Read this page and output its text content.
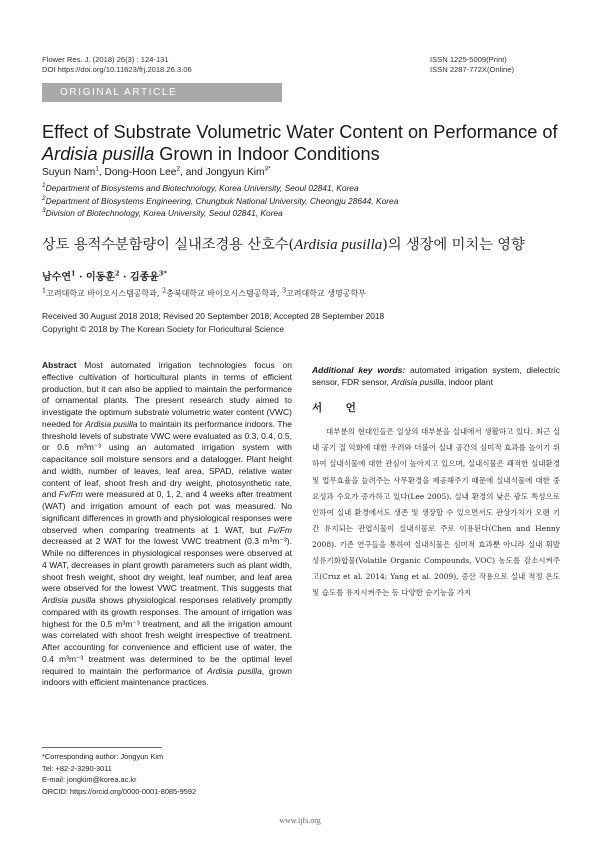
Flower Res. J. (2018) 26(3) : 124-131
DOI https://doi.org/10.11623/frj.2018.26.3.06
ISSN 1225-5009(Print)
ISSN 2287-772X(Online)
ORIGINAL ARTICLE
Effect of Substrate Volumetric Water Content on Performance of
Ardisia pusilla Grown in Indoor Conditions
Suyun Nam$^1$, Dong-Hoon Lee$^2$, and Jongyun Kim$^{3*}$
$^1$Department of Biosystems and Biotechnology, Korea University, Seoul 02841, Korea
$^2$Department of Biosystems Engineering, Chungbuk National University, Cheongju 28644, Korea
$^3$Division of Biotechnology, Korea University, Seoul 02841, Korea
상토 용적수분함량이 실내조경용 산호수(Ardisia pusilla)의 생장에 미치는 영향
남수연$^1$ · 이동훈$^2$ · 김종윤$^{3*}$
$^1$고려대학교 바이오시스템공학과, $^2$충북대학교 바이오시스템공학과, $^3$고려대학교 생명공학부
Received 30 August 2018 2018; Revised 20 September 2018; Accepted 28 September 2018
Copyright © 2018 by The Korean Society for Floricultural Science

Abstract Most automated irrigation technologies focus on effective cultivation of horticultural plants in terms of efficient production, but it can also be applied to maintain the performance of ornamental plants. The present research study aimed to investigate the optimum substrate volumetric water content (VWC) needed for Ardisia pusilla to maintain its performance indoors. The threshold levels of substrate VWC were evaluated as 0.3, 0.4, 0.5, or 0.6 m³m⁻³ using an automated irrigation system with capacitance soil moisture sensors and a datalogger. Plant height and width, number of leaves, leaf area, SPAD, relative water content of leaf, shoot fresh and dry weight, photosynthetic rate, and Fv/Fm were measured at 0, 1, 2, and 4 weeks after treatment (WAT) and irrigation amount of each pot was measured. No significant differences in growth and physiological responses were observed when comparing treatments at 1 WAT, but Fv/Fm decreased at 2 WAT for the lowest VWC treatment (0.3 m³m⁻³). While no differences in physiological responses were observed at 4 WAT, decreases in plant growth parameters such as plant width, shoot fresh weight, shoot dry weight, leaf number, and leaf area were observed for the lowest VWC treatment. This suggests that Ardisia pusilla shows physiological responses relatively promptly compared with its growth responses. The amount of irrigation was highest for the 0.5 m³m⁻³ treatment, and all the irrigation amount was correlated with shoot fresh weight irrespective of treatment. After accounting for convenience and efficient use of water, the 0.4 m³m⁻³ treatment was determined to be the optimal level required to maintain the performance of Ardisia pusilla, grown indoors with efficient maintenance practices.

Additional key words: automated irrigation system, dielectric sensor, FDR sensor, Ardisia pusilla, indoor plant

서 언

대부분의 현대인들은 일상의 대부분을 실내에서 생활하고 있다. 최근 실내 공기 질 악화에 대한 우려와 더불어 실내 공간의 심미적 효과를 높이기 위하여 실내식물에 대한 관심이 높아지고 있으며, 실내식물은 쾌적한 실내환경 및 업무효율을 늘려주는 사무환경을 제공해주기 때문에 실내식물에 대한 중요성과 수요가 증가하고 있다(Lee 2005). 실내 환경의 낮은 광도 특성으로 인하여 실내 환경에서도 생존 및 생장할 수 있으면서도 관상가치가 오랜 기간 유지되는 관엽식물이 실내식물로 주로 이용된다(Chen and Henny 2008). 기존 연구들을 통하여 실내식물은 심미적 효과뿐 아니라 실내 휘발성유기화합물(Volatile Organic Compounds, VOC) 농도를 감소시켜주고(Cruz et al. 2014; Yang et al. 2009), 증산 작용으로 실내 적정 온도 및 습도를 유지시켜주는 등 다양한 순기능을 가지

*Corresponding author: Jongyun Kim
Tel: +82-2-3290-3011
E-mail: jongkim@korea.ac.kr
ORCID: https://orcid.org/0000-0001-8085-9592
www.ijfs.org
